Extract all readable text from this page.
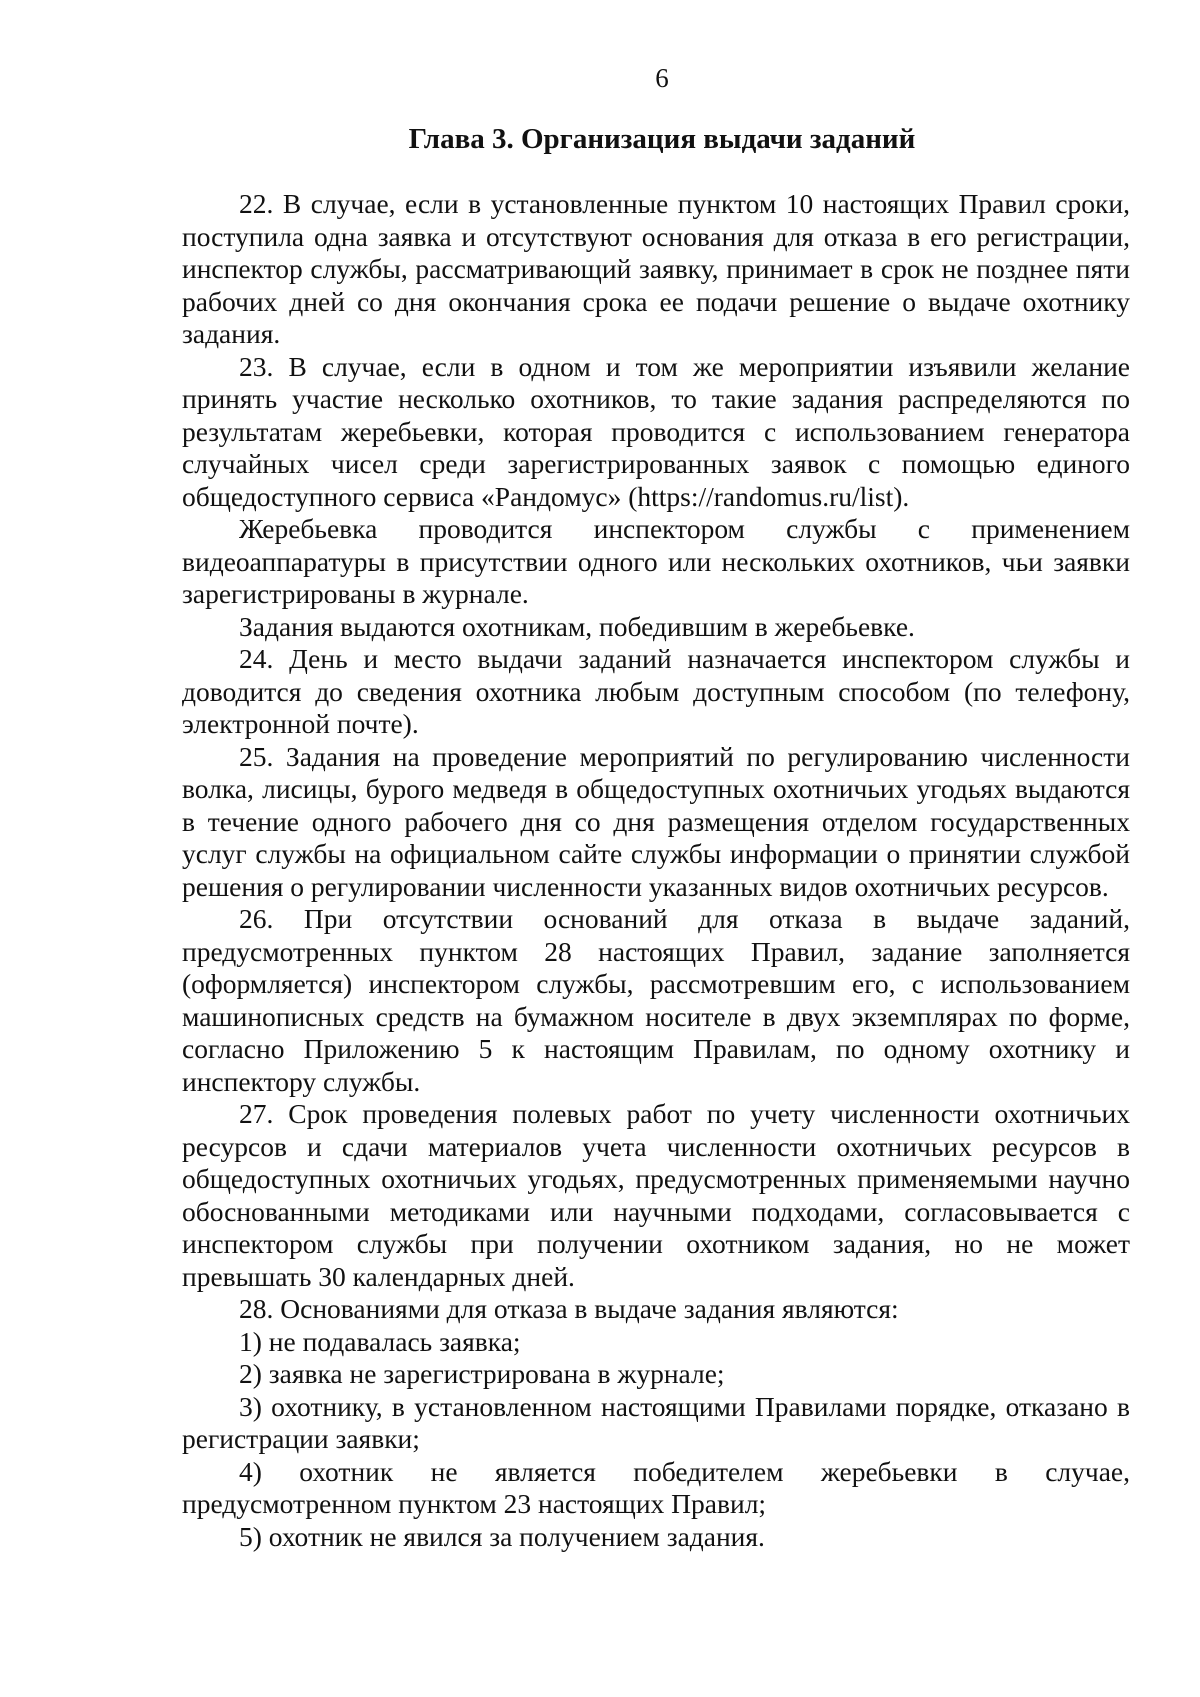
6

Глава 3. Организация выдачи заданий

22. В случае, если в установленные пунктом 10 настоящих Правил сроки, поступила одна заявка и отсутствуют основания для отказа в его регистрации, инспектор службы, рассматривающий заявку, принимает в срок не позднее пяти рабочих дней со дня окончания срока ее подачи решение о выдаче охотнику задания.

23. В случае, если в одном и том же мероприятии изъявили желание принять участие несколько охотников, то такие задания распределяются по результатам жеребьевки, которая проводится с использованием генератора случайных чисел среди зарегистрированных заявок с помощью единого общедоступного сервиса «Рандомус» (https://randomus.ru/list).

Жеребьевка проводится инспектором службы с применением видеоаппаратуры в присутствии одного или нескольких охотников, чьи заявки зарегистрированы в журнале.

Задания выдаются охотникам, победившим в жеребьевке.

24. День и место выдачи заданий назначается инспектором службы и доводится до сведения охотника любым доступным способом (по телефону, электронной почте).

25. Задания на проведение мероприятий по регулированию численности волка, лисицы, бурого медведя в общедоступных охотничьих угодьях выдаются в течение одного рабочего дня со дня размещения отделом государственных услуг службы на официальном сайте службы информации о принятии службой решения о регулировании численности указанных видов охотничьих ресурсов.

26. При отсутствии оснований для отказа в выдаче заданий, предусмотренных пунктом 28 настоящих Правил, задание заполняется (оформляется) инспектором службы, рассмотревшим его, с использованием машинописных средств на бумажном носителе в двух экземплярах по форме, согласно Приложению 5 к настоящим Правилам, по одному охотнику и инспектору службы.

27. Срок проведения полевых работ по учету численности охотничьих ресурсов и сдачи материалов учета численности охотничьих ресурсов в общедоступных охотничьих угодьях, предусмотренных применяемыми научно обоснованными методиками или научными подходами, согласовывается с инспектором службы при получении охотником задания, но не может превышать 30 календарных дней.

28. Основаниями для отказа в выдаче задания являются:

1) не подавалась заявка;

2) заявка не зарегистрирована в журнале;

3) охотнику, в установленном настоящими Правилами порядке, отказано в регистрации заявки;

4) охотник не является победителем жеребьевки в случае, предусмотренном пунктом 23 настоящих Правил;

5) охотник не явился за получением задания.
